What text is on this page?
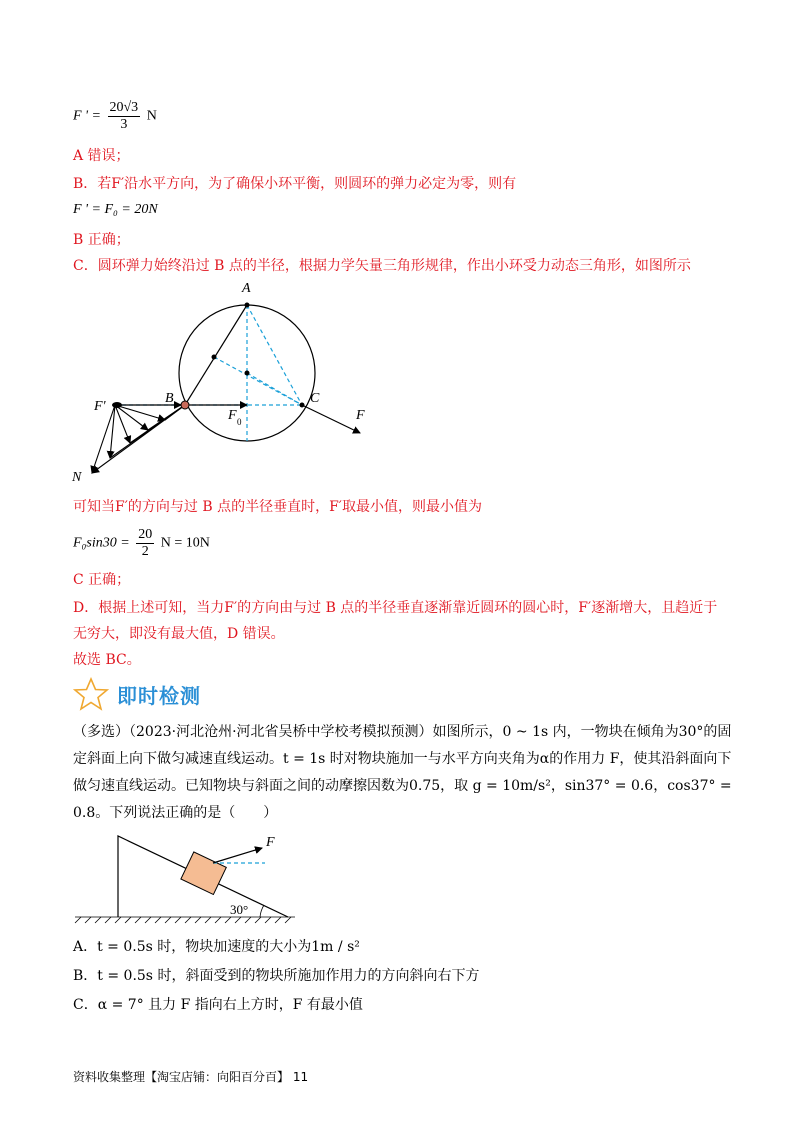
F ' = $\frac{20√3}{3}$ N
A 错误；
B．若F′沿水平方向，为了确保小环平衡，则圆环的弹力必定为零，则有
F ' = F₀ = 20N
B 正确；
C．圆环弹力始终沿过 B 点的半径，根据力学矢量三角形规律，作出小环受力动态三角形，如图所示
A
B	C
F
F'
F 0
N
可知当F′的方向与过 B 点的半径垂直时，F′取最小值，则最小值为
$F_0\sin 30 = \frac{20}{2}$ N = 10N
C 正确；
D．根据上述可知，当力F′的方向由与过 B 点的半径垂直逐渐靠近圆环的圆心时，F′逐渐增大，且趋近于
无穷大，即没有最大值，D 错误。
故选 BC。
即时检测
（多选）（2023·河北沧州·河北省吴桥中学校考模拟预测）如图所示，0 ~ 1s 内，一物块在倾角为30°的固定斜面上向下做匀减速直线运动。t = 1s 时对物块施加一与水平方向夹角为α的作用力 F，使其沿斜面向下做匀速直线运动。已知物块与斜面之间的动摩擦因数为0.75，取 g = 10m/s²，sin37° = 0.6，cos37° = 0.8。下列说法正确的是（　　）
F
30°
A．t = 0.5s 时，物块加速度的大小为1m / s²
B．t = 0.5s 时，斜面受到的物块所施加作用力的方向斜向右下方
C．α = 7° 且力 F 指向右上方时，F 有最小值
资料收集整理【淘宝店铺：向阳百分百】 11
